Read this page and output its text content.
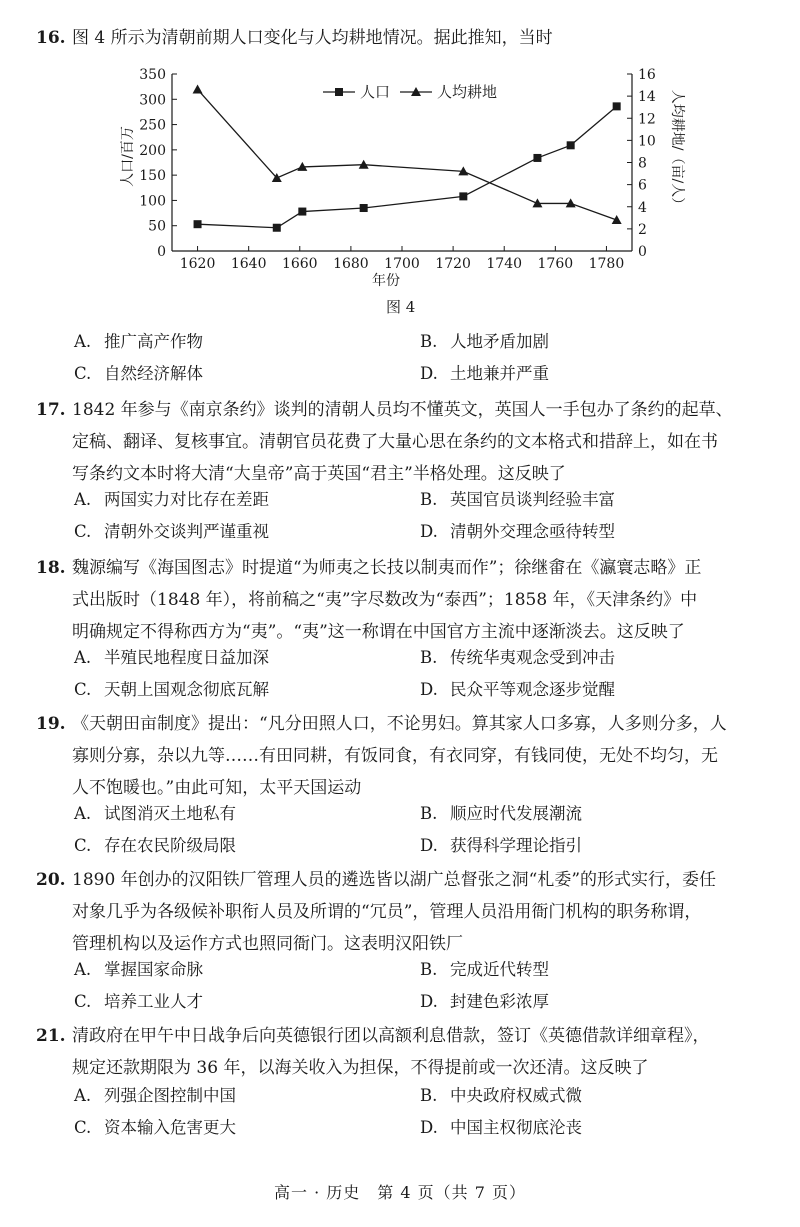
16. 图 4 所示为清朝前期人口变化与人均耕地情况。据此推知，当时
0
50
100
150
200
250
300
350
0
2
4
6
8
10
12
14
16
1620 1640 1660 1680 1700 1720 1740 1760 1780
年份
人口/百万	人均耕地/（亩/人）
人口	人均耕地
图 4
A. 推广高产作物	B. 人地矛盾加剧
C. 自然经济解体	D. 土地兼并严重
17. 1842 年参与《南京条约》谈判的清朝人员均不懂英文，英国人一手包办了条约的起草、
定稿、翻译、复核事宜。清朝官员花费了大量心思在条约的文本格式和措辞上，如在书
写条约文本时将大清“大皇帝”高于英国“君主”半格处理。这反映了
A. 两国实力对比存在差距	B. 英国官员谈判经验丰富
C. 清朝外交谈判严谨重视	D. 清朝外交理念亟待转型
18. 魏源编写《海国图志》时提道“为师夷之长技以制夷而作”；徐继畬在《瀛寰志略》正
式出版时（1848 年），将前稿之“夷”字尽数改为“泰西”；1858 年，《天津条约》中
明确规定不得称西方为“夷”。“夷”这一称谓在中国官方主流中逐渐淡去。这反映了
A. 半殖民地程度日益加深	B. 传统华夷观念受到冲击
C. 天朝上国观念彻底瓦解	D. 民众平等观念逐步觉醒
19. 《天朝田亩制度》提出：“凡分田照人口，不论男妇。算其家人口多寡，人多则分多，人
寡则分寡，杂以九等……有田同耕，有饭同食，有衣同穿，有钱同使，无处不均匀，无
人不饱暖也。”由此可知，太平天国运动
A. 试图消灭土地私有	B. 顺应时代发展潮流
C. 存在农民阶级局限	D. 获得科学理论指引
20. 1890 年创办的汉阳铁厂管理人员的遴选皆以湖广总督张之洞“札委”的形式实行，委任
对象几乎为各级候补职衔人员及所谓的“冗员”，管理人员沿用衙门机构的职务称谓，
管理机构以及运作方式也照同衙门。这表明汉阳铁厂
A. 掌握国家命脉	B. 完成近代转型
C. 培养工业人才	D. 封建色彩浓厚
21. 清政府在甲午中日战争后向英德银行团以高额利息借款，签订《英德借款详细章程》，
规定还款期限为 36 年，以海关收入为担保，不得提前或一次还清。这反映了
A. 列强企图控制中国	B. 中央政府权威式微
C. 资本输入危害更大	D. 中国主权彻底沦丧
高一 · 历史　第 4 页（共 7 页）
